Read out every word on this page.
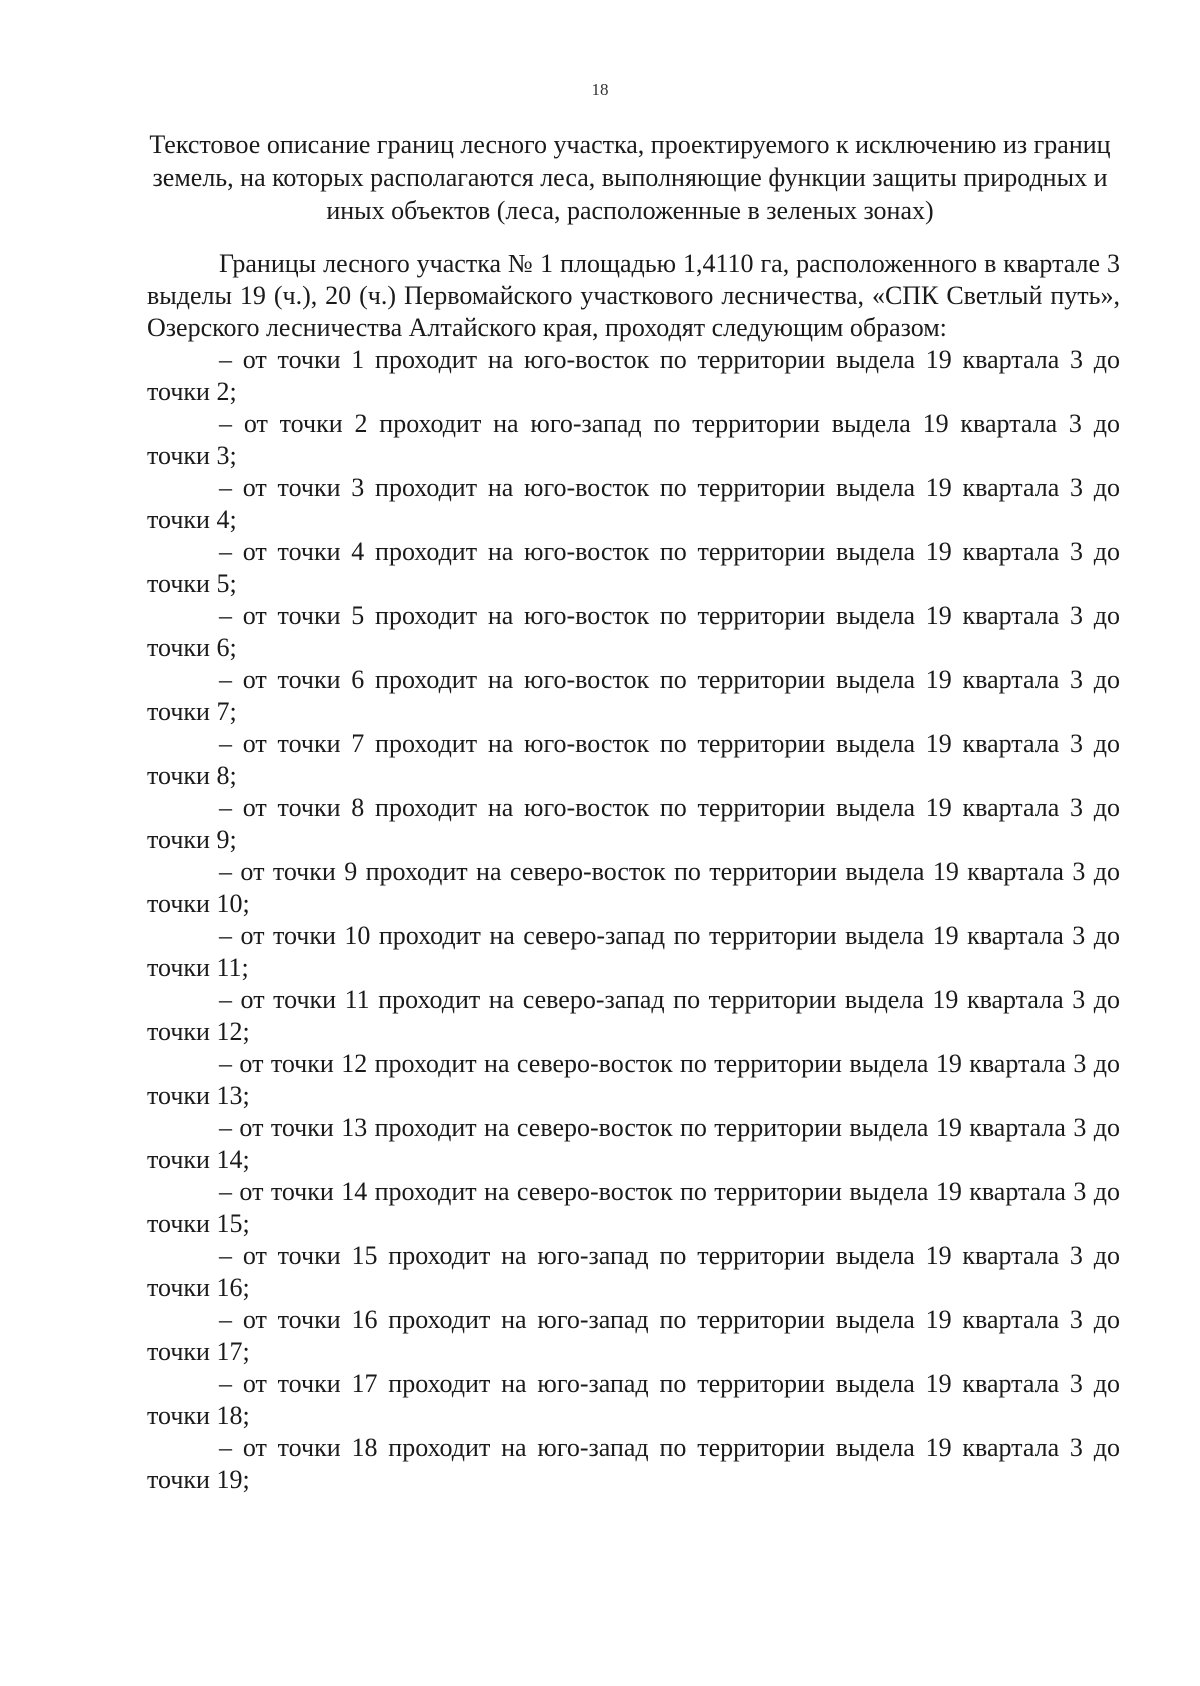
18
Текстовое описание границ лесного участка, проектируемого к исключению из границ земель, на которых располагаются леса, выполняющие функции защиты природных и иных объектов (леса, расположенные в зеленых зонах)

Границы лесного участка № 1 площадью 1,4110 га, расположенного в квартале 3 выделы 19 (ч.), 20 (ч.) Первомайского участкового лесничества, «СПК Светлый путь», Озерского лесничества Алтайского края, проходят следующим образом:

– от точки 1 проходит на юго-восток по территории выдела 19 квартала 3 до точки 2;

– от точки 2 проходит на юго-запад по территории выдела 19 квартала 3 до точки 3;

– от точки 3 проходит на юго-восток по территории выдела 19 квартала 3 до точки 4;

– от точки 4 проходит на юго-восток по территории выдела 19 квартала 3 до точки 5;

– от точки 5 проходит на юго-восток по территории выдела 19 квартала 3 до точки 6;

– от точки 6 проходит на юго-восток по территории выдела 19 квартала 3 до точки 7;

– от точки 7 проходит на юго-восток по территории выдела 19 квартала 3 до точки 8;

– от точки 8 проходит на юго-восток по территории выдела 19 квартала 3 до точки 9;

– от точки 9 проходит на северо-восток по территории выдела 19 квартала 3 до точки 10;

– от точки 10 проходит на северо-запад по территории выдела 19 квартала 3 до точки 11;

– от точки 11 проходит на северо-запад по территории выдела 19 квартала 3 до точки 12;

– от точки 12 проходит на северо-восток по территории выдела 19 квартала 3 до точки 13;

– от точки 13 проходит на северо-восток по территории выдела 19 квартала 3 до точки 14;

– от точки 14 проходит на северо-восток по территории выдела 19 квартала 3 до точки 15;

– от точки 15 проходит на юго-запад по территории выдела 19 квартала 3 до точки 16;

– от точки 16 проходит на юго-запад по территории выдела 19 квартала 3 до точки 17;

– от точки 17 проходит на юго-запад по территории выдела 19 квартала 3 до точки 18;

– от точки 18 проходит на юго-запад по территории выдела 19 квартала 3 до точки 19;
